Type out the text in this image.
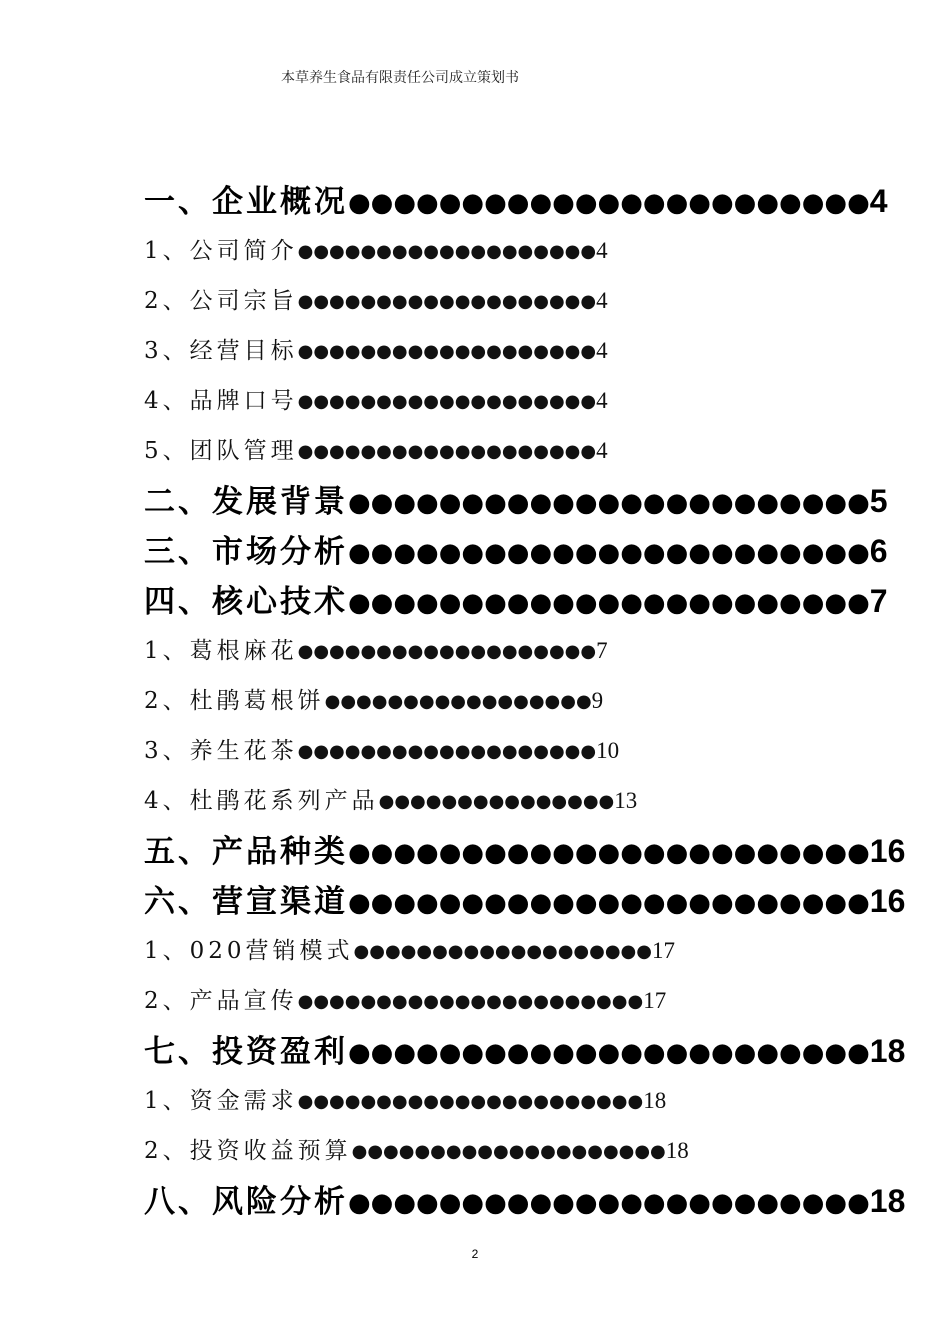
本草养生食品有限责任公司成立策划书
一、企业概况●●●●●●●●●●●●●●●●●●●●●●●4
1、公司简介●●●●●●●●●●●●●●●●●●●4
2、公司宗旨●●●●●●●●●●●●●●●●●●●4
3、经营目标●●●●●●●●●●●●●●●●●●●4
4、品牌口号●●●●●●●●●●●●●●●●●●●4
5、团队管理●●●●●●●●●●●●●●●●●●●4
二、发展背景●●●●●●●●●●●●●●●●●●●●●●●5
三、市场分析●●●●●●●●●●●●●●●●●●●●●●●6
四、核心技术●●●●●●●●●●●●●●●●●●●●●●●7
1、葛根麻花●●●●●●●●●●●●●●●●●●●7
2、杜鹃葛根饼●●●●●●●●●●●●●●●●●9
3、养生花茶●●●●●●●●●●●●●●●●●●●10
4、杜鹃花系列产品●●●●●●●●●●●●●●●13
五、产品种类●●●●●●●●●●●●●●●●●●●●●●●16
六、营宣渠道●●●●●●●●●●●●●●●●●●●●●●●16
1、020营销模式●●●●●●●●●●●●●●●●●●●17
2、产品宣传●●●●●●●●●●●●●●●●●●●●●●17
七、投资盈利●●●●●●●●●●●●●●●●●●●●●●●18
1、资金需求●●●●●●●●●●●●●●●●●●●●●●18
2、投资收益预算●●●●●●●●●●●●●●●●●●●●18
八、风险分析●●●●●●●●●●●●●●●●●●●●●●●18
2
